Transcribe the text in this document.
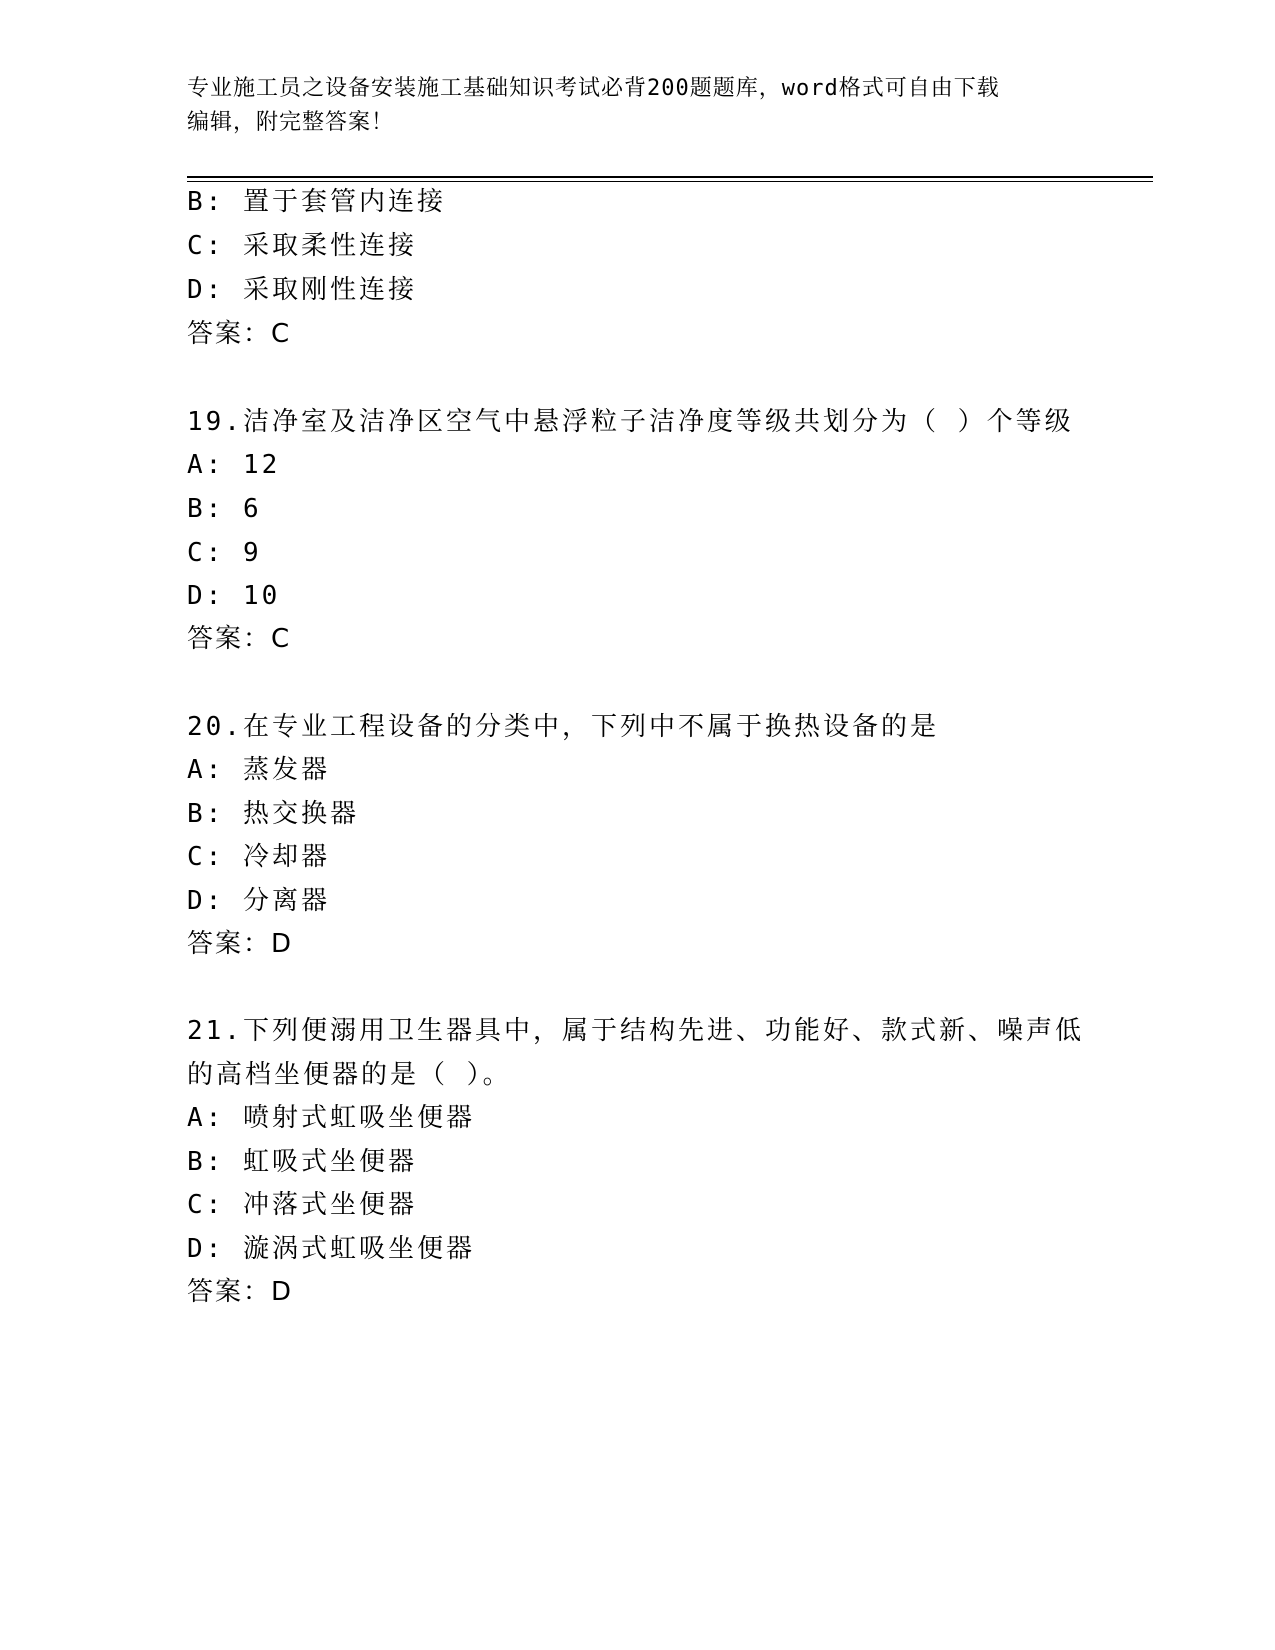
专业施工员之设备安装施工基础知识考试必背200题题库，word格式可自由下载
编辑，附完整答案！
B: 置于套管内连接
C: 采取柔性连接
D: 采取刚性连接
答案：C
19.洁净室及洁净区空气中悬浮粒子洁净度等级共划分为（ ）个等级
A: 12
B: 6
C: 9
D: 10
答案：C
20.在专业工程设备的分类中，下列中不属于换热设备的是
A: 蒸发器
B: 热交换器
C: 冷却器
D: 分离器
答案：D
21.下列便溺用卫生器具中，属于结构先进、功能好、款式新、噪声低
的高档坐便器的是（ ）。
A: 喷射式虹吸坐便器
B: 虹吸式坐便器
C: 冲落式坐便器
D: 漩涡式虹吸坐便器
答案：D
